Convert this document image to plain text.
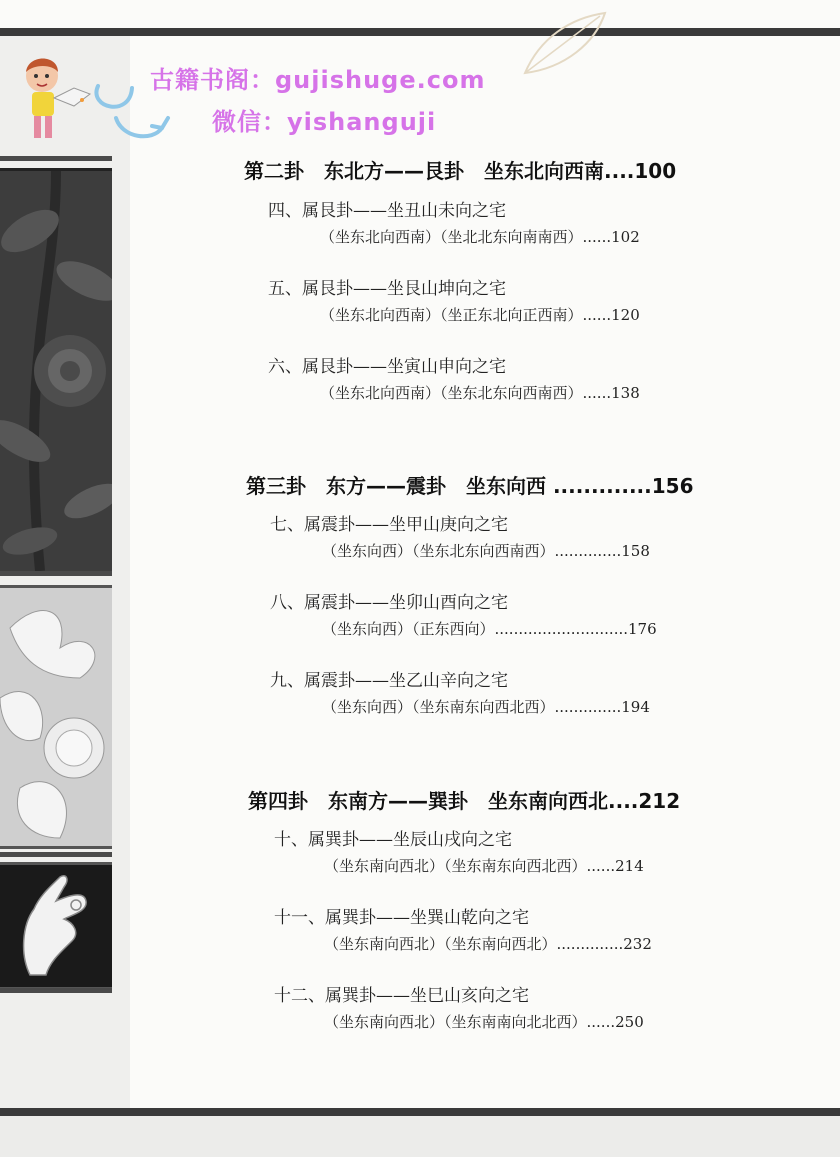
古籍书阁：gujishuge.com
微信：yishanguji
第二卦　东北方——艮卦　坐东北向西南....100
四、属艮卦——坐丑山未向之宅
（坐东北向西南）（坐北北东向南南西）......102
五、属艮卦——坐艮山坤向之宅
（坐东北向西南）（坐正东北向正西南）......120
六、属艮卦——坐寅山申向之宅
（坐东北向西南）（坐东北东向西南西）......138
第三卦　东方——震卦　坐东向西 .............156
七、属震卦——坐甲山庚向之宅
（坐东向西）（坐东北东向西南西）..............158
八、属震卦——坐卯山酉向之宅
（坐东向西）（正东西向）............................176
九、属震卦——坐乙山辛向之宅
（坐东向西）（坐东南东向西北西）..............194
第四卦　东南方——巽卦　坐东南向西北....212
十、属巽卦——坐辰山戌向之宅
（坐东南向西北）（坐东南东向西北西）......214
十一、属巽卦——坐巽山乾向之宅
（坐东南向西北）（坐东南向西北）..............232
十二、属巽卦——坐巳山亥向之宅
（坐东南向西北）（坐东南南向北北西）......250
